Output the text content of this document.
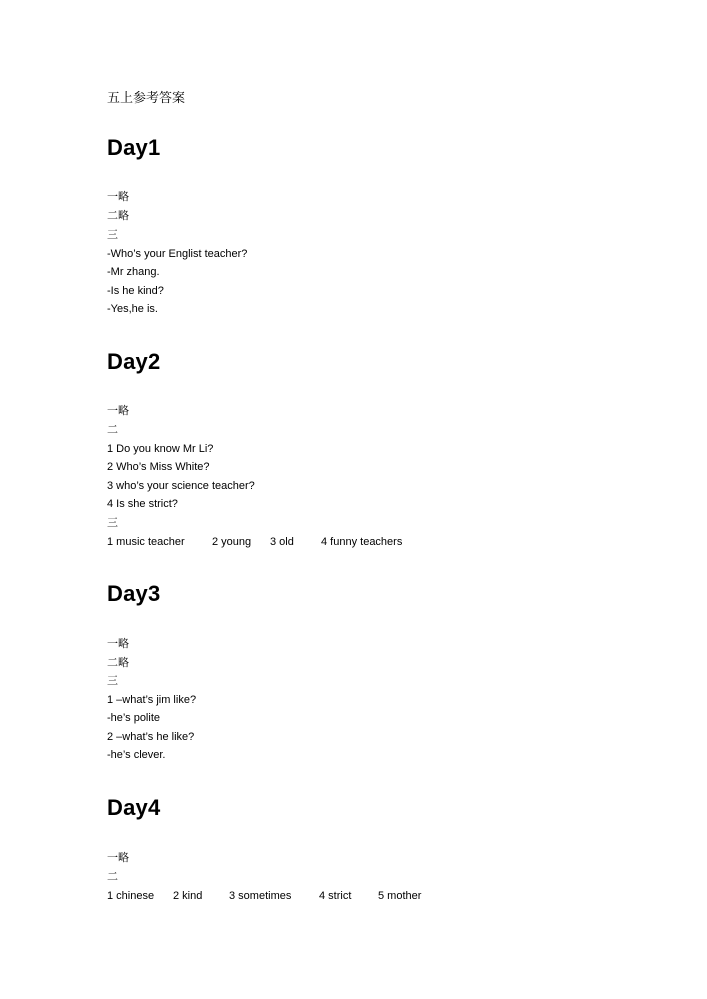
五上参考答案
Day1
一略
二略
三
-Who’s your Englist teacher?
-Mr zhang.
-Is he kind?
-Yes,he is.
Day2
一略
二
1 Do you know Mr Li?
2 Who’s Miss White?
3 who’s your science teacher?
4 Is she strict?
三
1 music teacher 2 young 3 old 4 funny teachers
Day3
一略
二略
三
1 –what’s jim like?
-he’s polite
2 –what’s he like?
-he’s clever.
Day4
一略
二
1 chinese 2 kind 3 sometimes	4 strict 5 mother
